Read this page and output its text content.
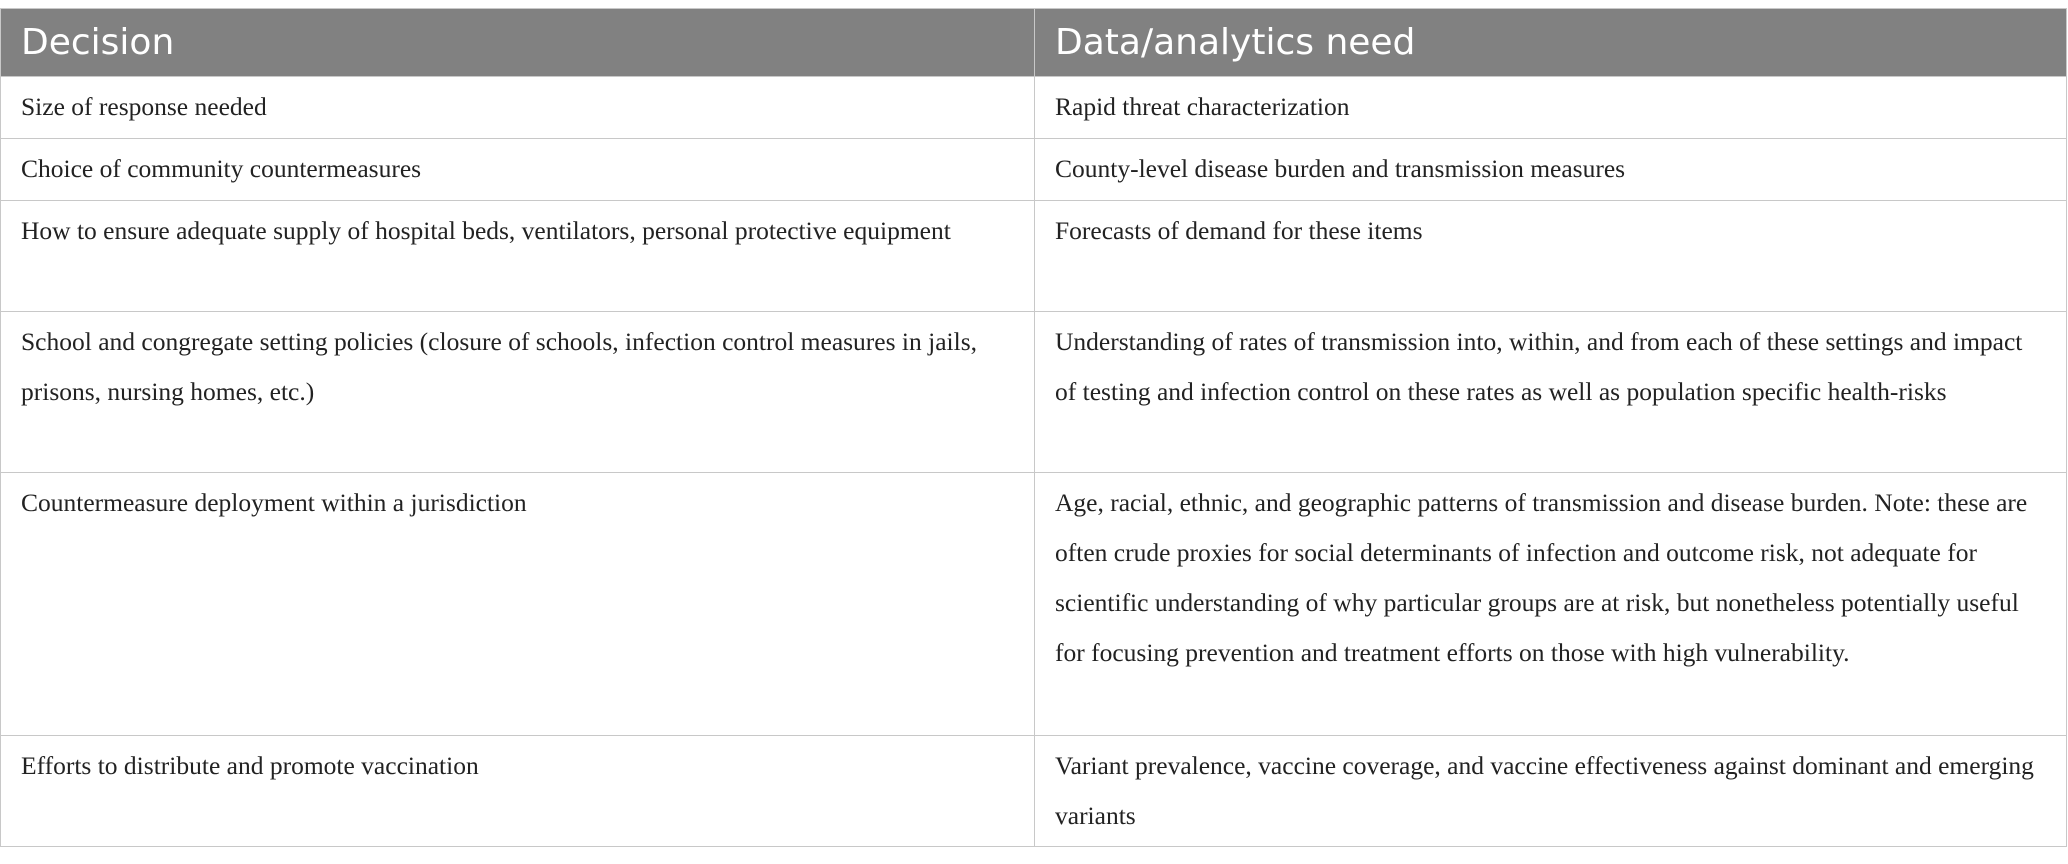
Decision	Data/analytics need
Size of response needed	Rapid threat characterization
Choice of community countermeasures	County-level disease burden and transmission measures
How to ensure adequate supply of hospital beds, ventilators, personal protective equipment	Forecasts of demand for these items
School and congregate setting policies (closure of schools, infection control measures in jails, prisons, nursing homes, etc.)	Understanding of rates of transmission into, within, and from each of these settings and impact of testing and infection control on these rates as well as population specific health-risks
Countermeasure deployment within a jurisdiction	Age, racial, ethnic, and geographic patterns of transmission and disease burden. Note: these are often crude proxies for social determinants of infection and outcome risk, not adequate for scientific understanding of why particular groups are at risk, but nonetheless potentially useful for focusing prevention and treatment efforts on those with high vulnerability.
Efforts to distribute and promote vaccination	Variant prevalence, vaccine coverage, and vaccine effectiveness against dominant and emerging variants
